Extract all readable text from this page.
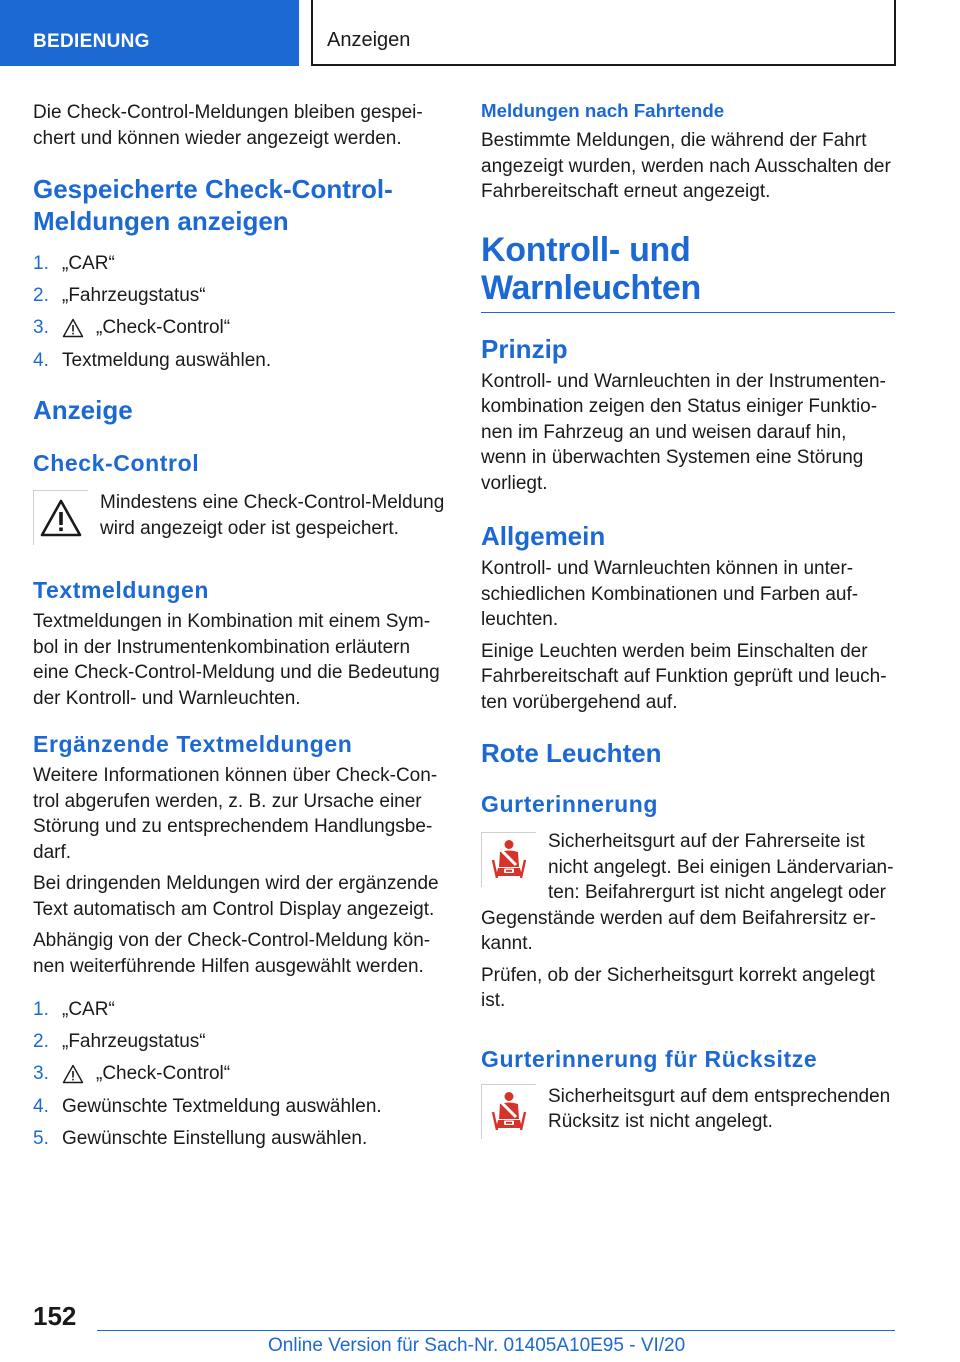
BEDIENUNG	Anzeigen

Die Check-Control-Meldungen bleiben gespeichert und können wieder angezeigt werden.

Gespeicherte Check-Control-Meldungen anzeigen
1. „CAR“
2. „Fahrzeugstatus“
3.	„Check-Control“
4. Textmeldung auswählen.
Anzeige
Check-Control

Mindestens eine Check-Control-Meldung wird angezeigt oder ist gespeichert.

Textmeldungen

Textmeldungen in Kombination mit einem Symbol in der Instrumentenkombination erläutern eine Check-Control-Meldung und die Bedeutung der Kontroll- und Warnleuchten.

Ergänzende Textmeldungen

Weitere Informationen können über Check-Control abgerufen werden, z. B. zur Ursache einer Störung und zu entsprechendem Handlungsbedarf.

Bei dringenden Meldungen wird der ergänzende Text automatisch am Control Display angezeigt.

Abhängig von der Check-Control-Meldung können weiterführende Hilfen ausgewählt werden.

1. „CAR“
2. „Fahrzeugstatus“
3.	„Check-Control“
4. Gewünschte Textmeldung auswählen.
5. Gewünschte Einstellung auswählen.
Meldungen nach Fahrtende

Bestimmte Meldungen, die während der Fahrt angezeigt wurden, werden nach Ausschalten der Fahrbereitschaft erneut angezeigt.

Kontroll- und
Warnleuchten
Prinzip

Kontroll- und Warnleuchten in der Instrumentenkombination zeigen den Status einiger Funktionen im Fahrzeug an und weisen darauf hin, wenn in überwachten Systemen eine Störung vorliegt.

Allgemein

Kontroll- und Warnleuchten können in unterschiedlichen Kombinationen und Farben aufleuchten.

Einige Leuchten werden beim Einschalten der Fahrbereitschaft auf Funktion geprüft und leuchten vorübergehend auf.

Rote Leuchten
Gurterinnerung

Sicherheitsgurt auf der Fahrerseite ist nicht angelegt. Bei einigen Ländervarianten: Beifahrergurt ist nicht angelegt oder Gegenstände werden auf dem Beifahrersitz erkannt.

Prüfen, ob der Sicherheitsgurt korrekt angelegt ist.

Gurterinnerung für Rücksitze

Sicherheitsgurt auf dem entsprechenden Rücksitz ist nicht angelegt.

152
Online Version für Sach-Nr. 01405A10E95 - VI/20
